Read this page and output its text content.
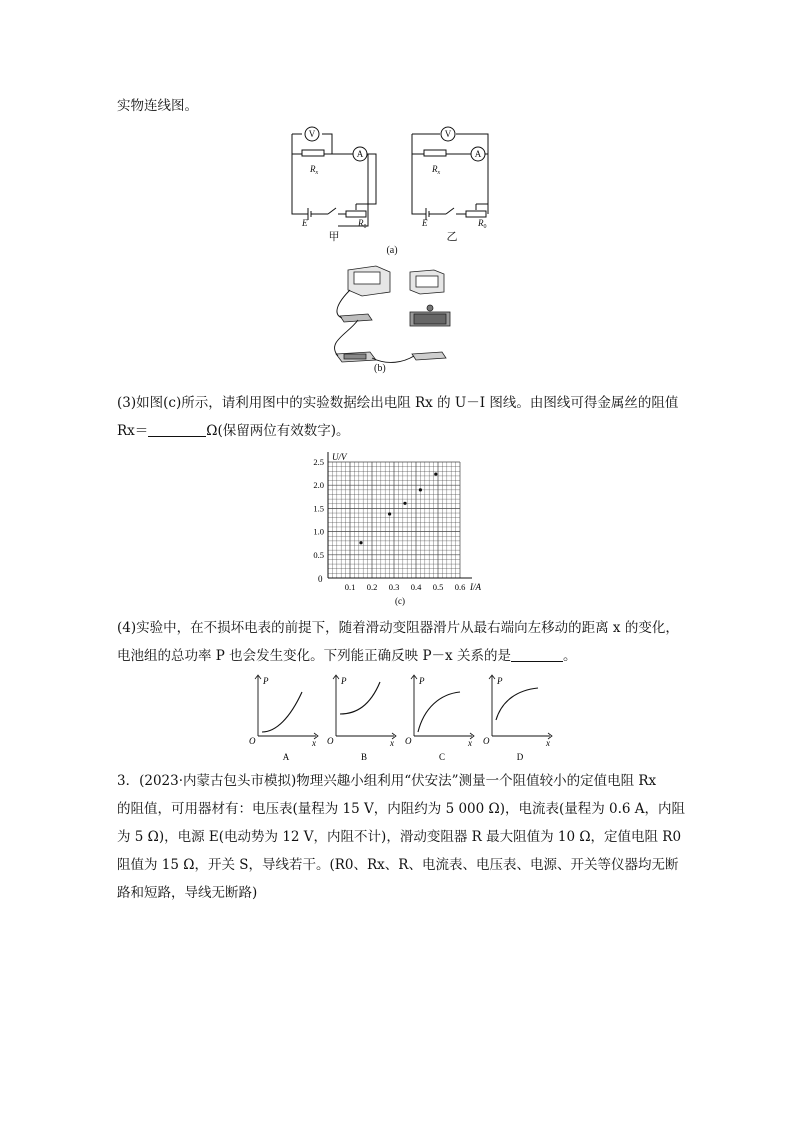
实物连线图。
V
A
V
A
$R_x$	$R_x$
E	E
$R_0$	$R_0$
甲	乙
(a)
(b)
(3)如图(c)所示，请利用图中的实验数据绘出电阻 Rx 的 U－I 图线。由图线可得金属丝的阻值
Rx＝	Ω(保留两位有效数字)。
I/A
U/V
0
0.1 0.2 0.3 0.4 0.5 0.6
0.5
1.0
1.5
2.0
2.5
(c)
(4)实验中，在不损坏电表的前提下，随着滑动变阻器滑片从最右端向左移动的距离 x 的变化，
电池组的总功率 P 也会发生变化。下列能正确反映 P－x 关系的是	。
P
x
O
A
P
x
O
B
P
x
O
C
P
x
O
D
3．(2023·内蒙古包头市模拟)物理兴趣小组利用“伏安法”测量一个阻值较小的定值电阻 Rx
的阻值，可用器材有：电压表(量程为 15 V，内阻约为 5 000 Ω)，电流表(量程为 0.6 A，内阻
为 5 Ω)，电源 E(电动势为 12 V，内阻不计)，滑动变阻器 R 最大阻值为 10 Ω，定值电阻 R0
阻值为 15 Ω，开关 S，导线若干。(R0、Rx、R、电流表、电压表、电源、开关等仪器均无断
路和短路，导线无断路)
